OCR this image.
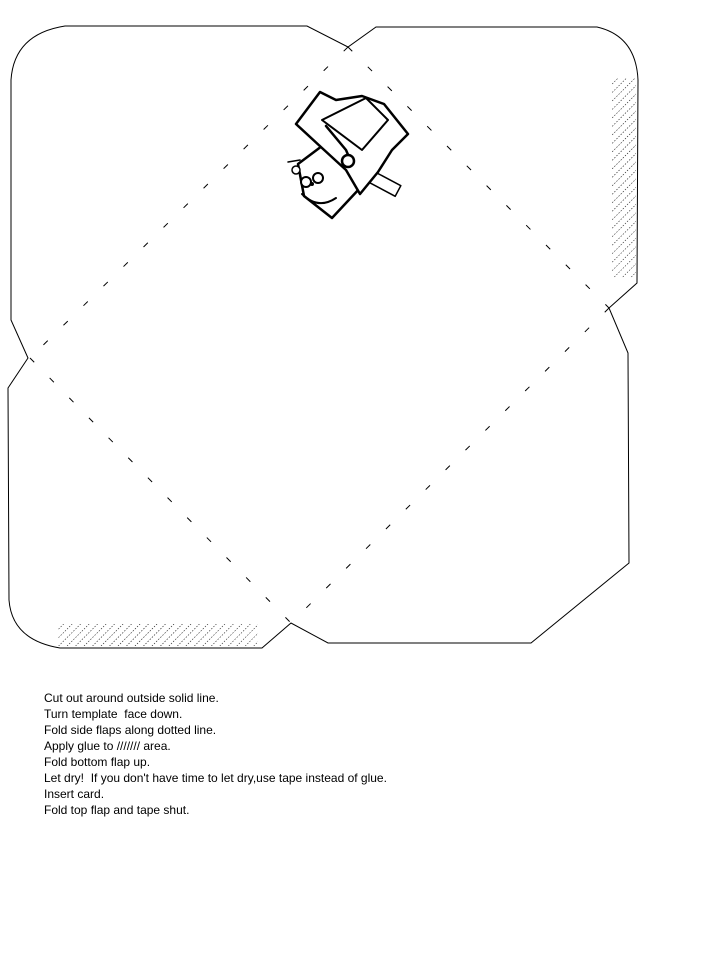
Cut out around outside solid line.
Turn template  face down.
Fold side flaps along dotted line.
Apply glue to /////// area.
Fold bottom flap up.
Let dry!  If you don't have time to let dry,use tape instead of glue.
Insert card.
Fold top flap and tape shut.
